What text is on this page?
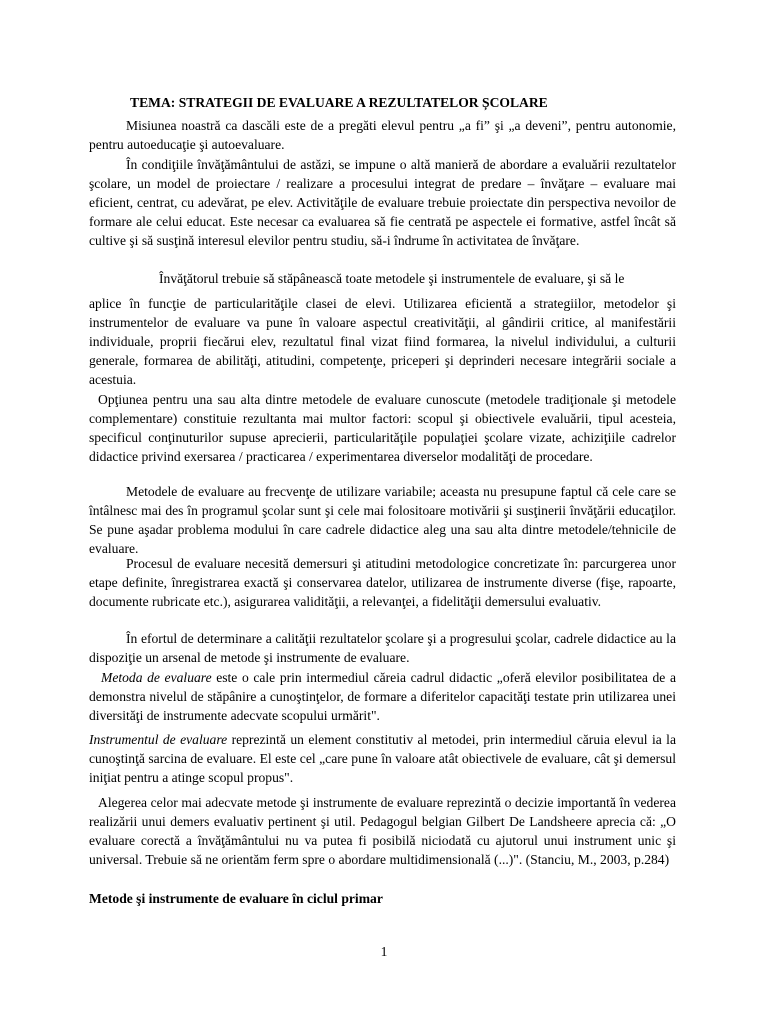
TEMA: STRATEGII DE EVALUARE A REZULTATELOR ȘCOLARE

Misiunea noastră ca dascăli este de a pregăti elevul pentru „a fi” şi „a deveni”, pentru autonomie, pentru autoeducaţie şi autoevaluare.

În condiţiile învăţământului de astăzi, se impune o altă manieră de abordare a evaluării rezultatelor şcolare, un model de proiectare / realizare a procesului integrat de predare – învăţare – evaluare mai eficient, centrat, cu adevărat, pe elev. Activităţile de evaluare trebuie proiectate din perspectiva nevoilor de formare ale celui educat. Este necesar ca evaluarea să fie centrată pe aspectele ei formative, astfel încât să cultive şi să susţină interesul elevilor pentru studiu, să-i îndrume în activitatea de învăţare.

Învăţătorul trebuie să stăpânească toate metodele şi instrumentele de evaluare, şi să le

aplice în funcţie de particularităţile clasei de elevi. Utilizarea eficientă a strategiilor, metodelor şi instrumentelor de evaluare va pune în valoare aspectul creativităţii, al gândirii critice, al manifestării individuale, proprii fiecărui elev, rezultatul final vizat fiind formarea, la nivelul individului, a culturii generale, formarea de abilităţi, atitudini, competenţe, priceperi şi deprinderi necesare integrării sociale a acestuia.

Opţiunea pentru una sau alta dintre metodele de evaluare cunoscute (metodele tradiţionale şi metodele complementare) constituie rezultanta mai multor factori: scopul şi obiectivele evaluării, tipul acesteia, specificul conţinuturilor supuse aprecierii, particularităţile populaţiei şcolare vizate, achiziţiile cadrelor didactice privind exersarea / practicarea / experimentarea diverselor modalităţi de procedare.

Metodele de evaluare au frecvenţe de utilizare variabile; aceasta nu presupune faptul că cele care se întâlnesc mai des în programul şcolar sunt şi cele mai folositoare motivării şi susţinerii învăţării educaţilor. Se pune aşadar problema modului în care cadrele didactice aleg una sau alta dintre metodele/tehnicile de evaluare.

Procesul de evaluare necesită demersuri şi atitudini metodologice concretizate în: parcurgerea unor etape definite, înregistrarea exactă şi conservarea datelor, utilizarea de instrumente diverse (fişe, rapoarte, documente rubricate etc.), asigurarea validităţii, a relevanţei, a fidelităţii demersului evaluativ.

În efortul de determinare a calităţii rezultatelor şcolare şi a progresului şcolar, cadrele didactice au la dispoziţie un arsenal de metode şi instrumente de evaluare.

Metoda de evaluare este o cale prin intermediul căreia cadrul didactic „oferă elevilor posibilitatea de a demonstra nivelul de stăpânire a cunoştinţelor, de formare a diferitelor capacităţi testate prin utilizarea unei diversităţi de instrumente adecvate scopului urmărit".

Instrumentul de evaluare reprezintă un element constitutiv al metodei, prin intermediul căruia elevul ia la cunoştinţă sarcina de evaluare. El este cel „care pune în valoare atât obiectivele de evaluare, cât şi demersul iniţiat pentru a atinge scopul propus".

Alegerea celor mai adecvate metode şi instrumente de evaluare reprezintă o decizie importantă în vederea realizării unui demers evaluativ pertinent şi util. Pedagogul belgian Gilbert De Landsheere aprecia că: „O evaluare corectă a învăţământului nu va putea fi posibilă niciodată cu ajutorul unui instrument unic şi universal. Trebuie să ne orientăm ferm spre o abordare multidimensională (...)". (Stanciu, M., 2003, p.284)

Metode şi instrumente de evaluare în ciclul primar

1
